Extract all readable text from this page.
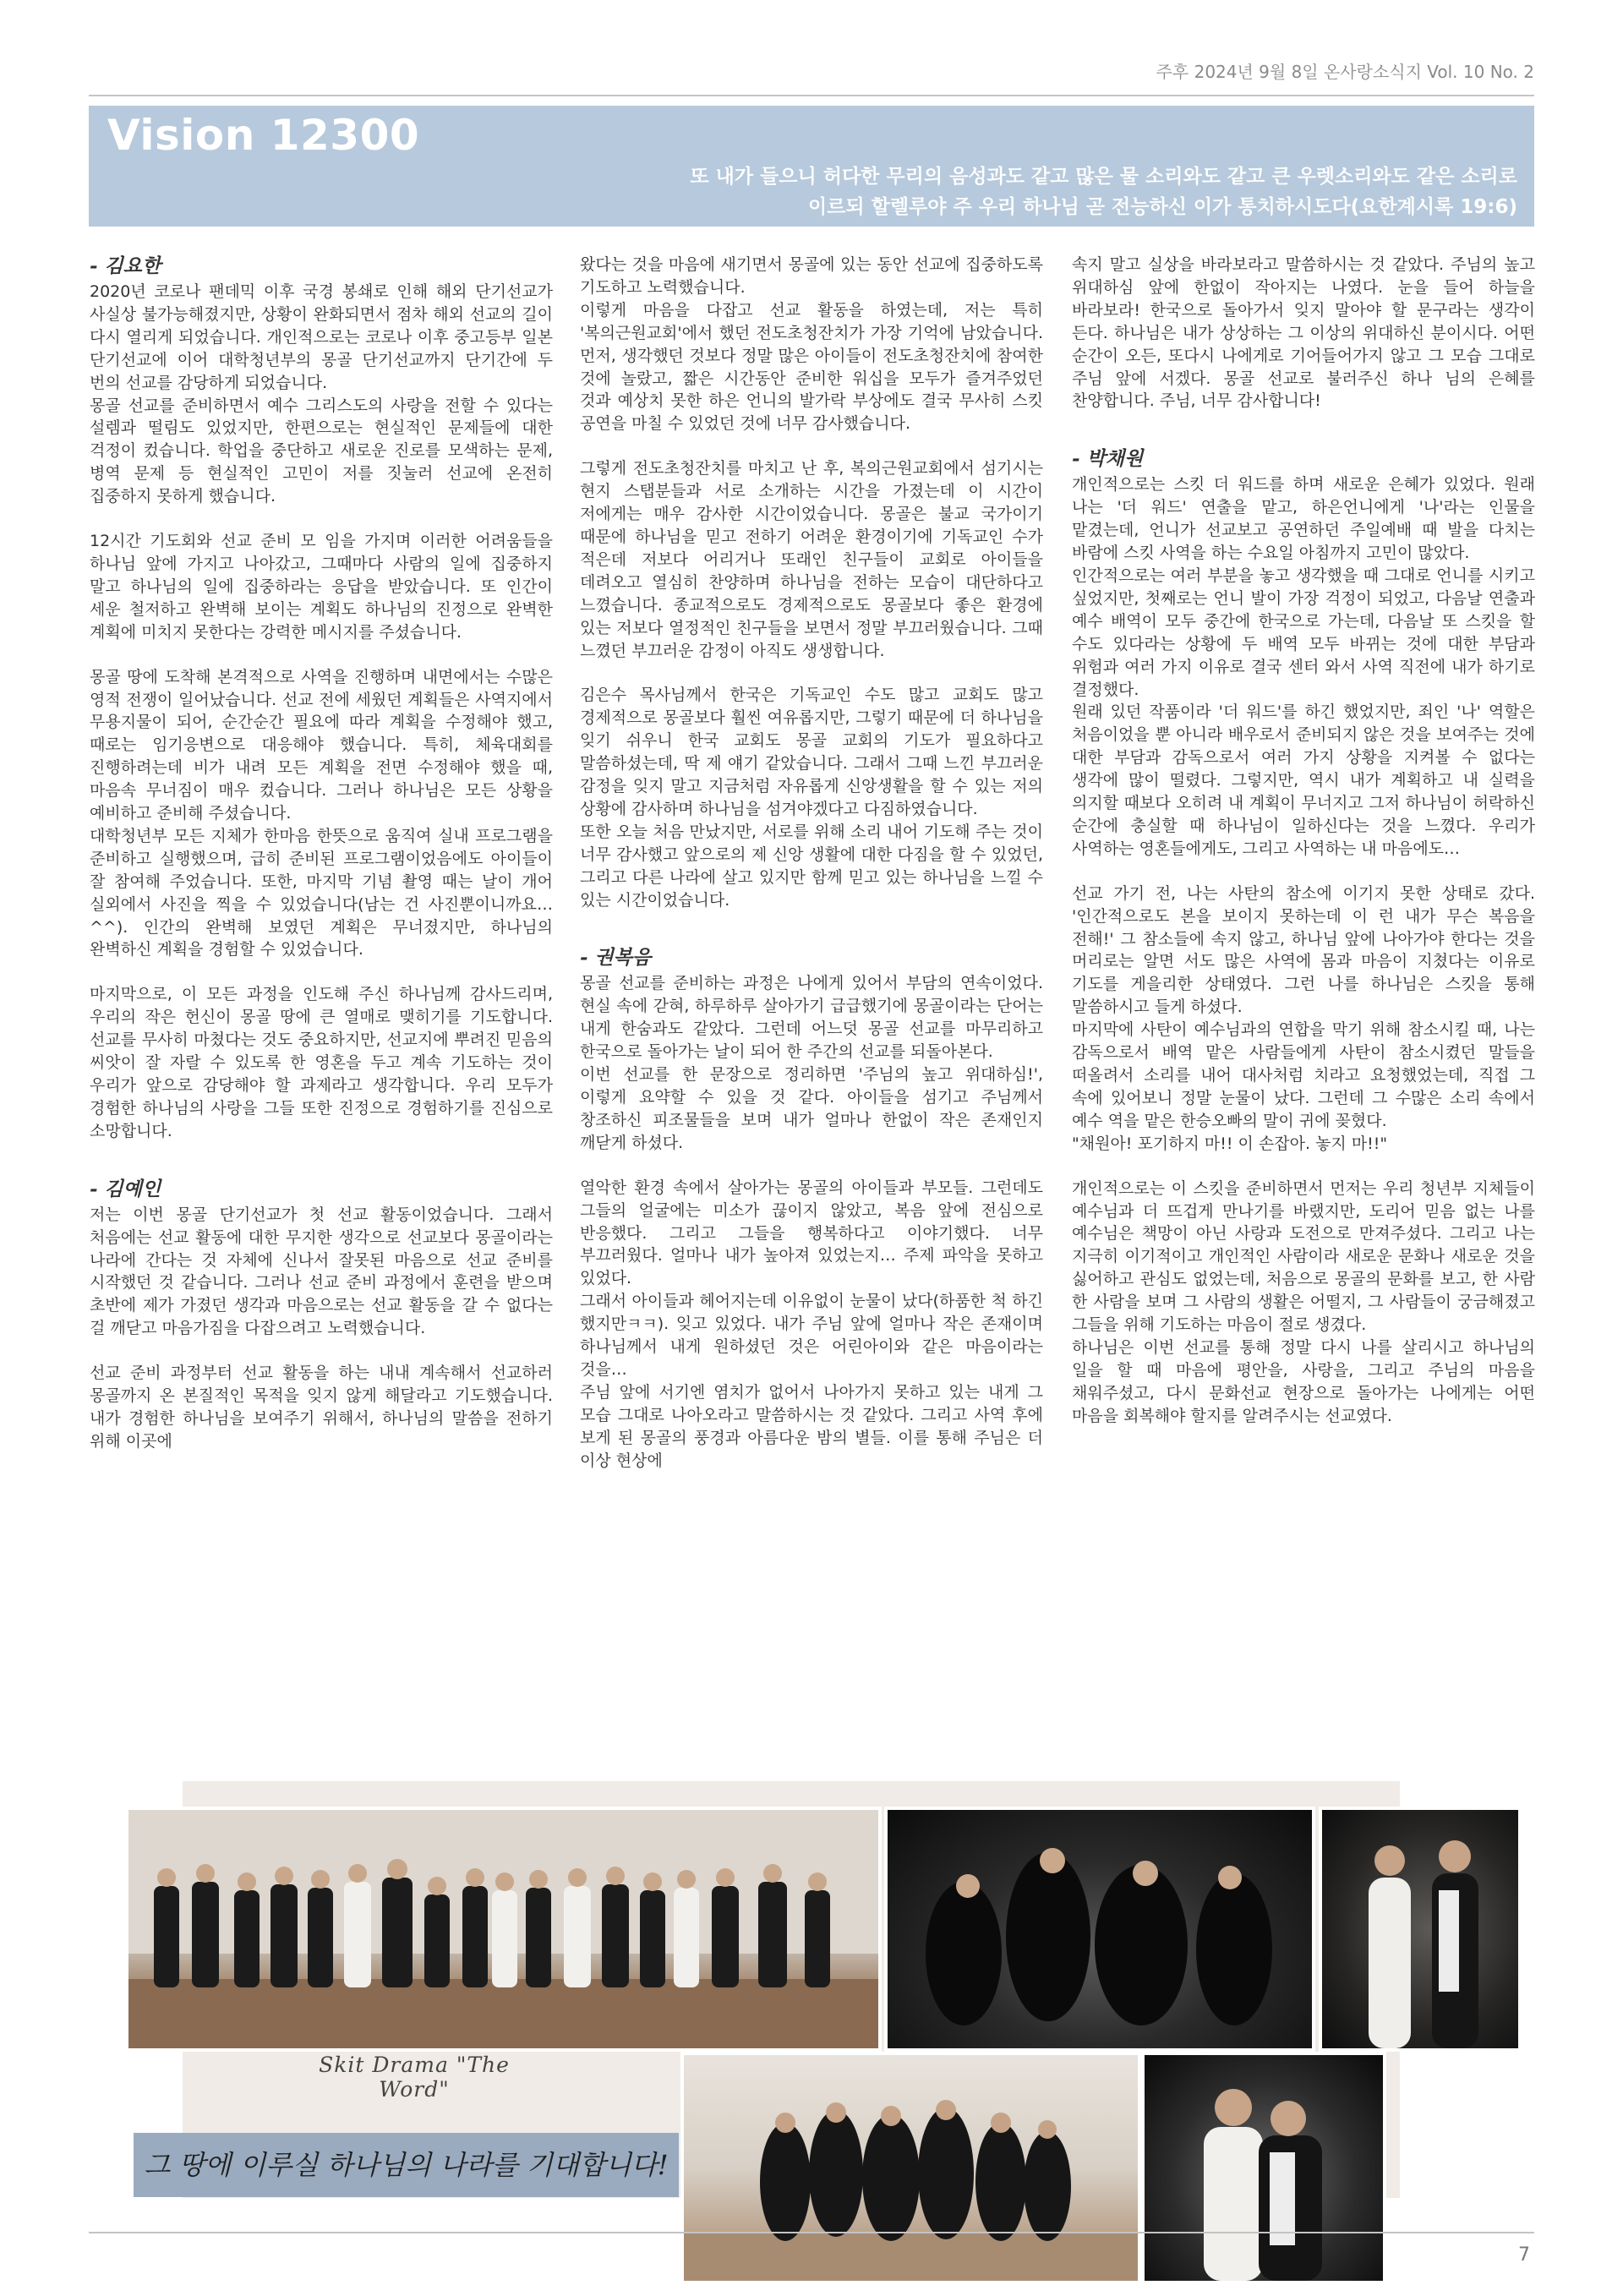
주후 2024년 9월 8일 온사랑소식지 Vol. 10 No. 2
Vision 12300
또 내가 들으니 허다한 무리의 음성과도 같고 많은 물 소리와도 같고 큰 우렛소리와도 같은 소리로
이르되 할렐루야 주 우리 하나님 곧 전능하신 이가 통치하시도다(요한계시록 19:6)
- 김요한

2020년 코로나 팬데믹 이후 국경 봉쇄로 인해 해외 단기선교가 사실상 불가능해졌지만, 상황이 완화되면서 점차 해외 선교의 길이 다시 열리게 되었습니다. 개인적으로는 코로나 이후 중고등부 일본 단기선교에 이어 대학청년부의 몽골 단기선교까지 단기간에 두 번의 선교를 감당하게 되었습니다.

몽골 선교를 준비하면서 예수 그리스도의 사랑을 전할 수 있다는 설렘과 떨림도 있었지만, 한편으로는 현실적인 문제들에 대한 걱정이 컸습니다. 학업을 중단하고 새로운 진로를 모색하는 문제, 병역 문제 등 현실적인 고민이 저를 짓눌러 선교에 온전히 집중하지 못하게 했습니다.

12시간 기도회와 선교 준비 모 임을 가지며 이러한 어려움들을 하나님 앞에 가지고 나아갔고, 그때마다 사람의 일에 집중하지 말고 하나님의 일에 집중하라는 응답을 받았습니다. 또 인간이 세운 철저하고 완벽해 보이는 계획도 하나님의 진정으로 완벽한 계획에 미치지 못한다는 강력한 메시지를 주셨습니다.

몽골 땅에 도착해 본격적으로 사역을 진행하며 내면에서는 수많은 영적 전쟁이 일어났습니다. 선교 전에 세웠던 계획들은 사역지에서 무용지물이 되어, 순간순간 필요에 따라 계획을 수정해야 했고, 때로는 임기응변으로 대응해야 했습니다. 특히, 체육대회를 진행하려는데 비가 내려 모든 계획을 전면 수정해야 했을 때, 마음속 무너짐이 매우 컸습니다. 그러나 하나님은 모든 상황을 예비하고 준비해 주셨습니다.

대학청년부 모든 지체가 한마음 한뜻으로 움직여 실내 프로그램을 준비하고 실행했으며, 급히 준비된 프로그램이었음에도 아이들이 잘 참여해 주었습니다. 또한, 마지막 기념 촬영 때는 날이 개어 실외에서 사진을 찍을 수 있었습니다(남는 건 사진뿐이니까요…^^). 인간의 완벽해 보였던 계획은 무너졌지만, 하나님의 완벽하신 계획을 경험할 수 있었습니다.

마지막으로, 이 모든 과정을 인도해 주신 하나님께 감사드리며, 우리의 작은 헌신이 몽골 땅에 큰 열매로 맺히기를 기도합니다. 선교를 무사히 마쳤다는 것도 중요하지만, 선교지에 뿌려진 믿음의 씨앗이 잘 자랄 수 있도록 한 영혼을 두고 계속 기도하는 것이 우리가 앞으로 감당해야 할 과제라고 생각합니다. 우리 모두가 경험한 하나님의 사랑을 그들 또한 진정으로 경험하기를 진심으로 소망합니다.

- 김예인

저는 이번 몽골 단기선교가 첫 선교 활동이었습니다. 그래서 처음에는 선교 활동에 대한 무지한 생각으로 선교보다 몽골이라는 나라에 간다는 것 자체에 신나서 잘못된 마음으로 선교 준비를 시작했던 것 같습니다. 그러나 선교 준비 과정에서 훈련을 받으며 초반에 제가 가졌던 생각과 마음으로는 선교 활동을 갈 수 없다는 걸 깨닫고 마음가짐을 다잡으려고 노력했습니다.

선교 준비 과정부터 선교 활동을 하는 내내 계속해서 선교하러 몽골까지 온 본질적인 목적을 잊지 않게 해달라고 기도했습니다. 내가 경험한 하나님을 보여주기 위해서, 하나님의 말씀을 전하기 위해 이곳에

왔다는 것을 마음에 새기면서 몽골에 있는 동안 선교에 집중하도록 기도하고 노력했습니다.

이렇게 마음을 다잡고 선교 활동을 하였는데, 저는 특히 '복의근원교회'에서 했던 전도초청잔치가 가장 기억에 남았습니다. 먼저, 생각했던 것보다 정말 많은 아이들이 전도초청잔치에 참여한 것에 놀랐고, 짧은 시간동안 준비한 워십을 모두가 즐겨주었던 것과 예상치 못한 하은 언니의 발가락 부상에도 결국 무사히 스킷 공연을 마칠 수 있었던 것에 너무 감사했습니다.

그렇게 전도초청잔치를 마치고 난 후, 복의근원교회에서 섬기시는 현지 스탭분들과 서로 소개하는 시간을 가졌는데 이 시간이 저에게는 매우 감사한 시간이었습니다. 몽골은 불교 국가이기 때문에 하나님을 믿고 전하기 어려운 환경이기에 기독교인 수가 적은데 저보다 어리거나 또래인 친구들이 교회로 아이들을 데려오고 열심히 찬양하며 하나님을 전하는 모습이 대단하다고 느꼈습니다. 종교적으로도 경제적으로도 몽골보다 좋은 환경에 있는 저보다 열정적인 친구들을 보면서 정말 부끄러웠습니다. 그때 느꼈던 부끄러운 감정이 아직도 생생합니다.

김은수 목사님께서 한국은 기독교인 수도 많고 교회도 많고 경제적으로 몽골보다 훨씬 여유롭지만, 그렇기 때문에 더 하나님을 잊기 쉬우니 한국 교회도 몽골 교회의 기도가 필요하다고 말씀하셨는데, 딱 제 얘기 같았습니다. 그래서 그때 느낀 부끄러운 감정을 잊지 말고 지금처럼 자유롭게 신앙생활을 할 수 있는 저의 상황에 감사하며 하나님을 섬겨야겠다고 다짐하였습니다.

또한 오늘 처음 만났지만, 서로를 위해 소리 내어 기도해 주는 것이 너무 감사했고 앞으로의 제 신앙 생활에 대한 다짐을 할 수 있었던, 그리고 다른 나라에 살고 있지만 함께 믿고 있는 하나님을 느낄 수 있는 시간이었습니다.

- 권복음

몽골 선교를 준비하는 과정은 나에게 있어서 부담의 연속이었다. 현실 속에 갇혀, 하루하루 살아가기 급급했기에 몽골이라는 단어는 내게 한숨과도 같았다. 그런데 어느덧 몽골 선교를 마무리하고 한국으로 돌아가는 날이 되어 한 주간의 선교를 되돌아본다.

이번 선교를 한 문장으로 정리하면 '주님의 높고 위대하심!', 이렇게 요약할 수 있을 것 같다. 아이들을 섬기고 주님께서 창조하신 피조물들을 보며 내가 얼마나 한없이 작은 존재인지 깨닫게 하셨다.

열악한 환경 속에서 살아가는 몽골의 아이들과 부모들. 그런데도 그들의 얼굴에는 미소가 끊이지 않았고, 복음 앞에 전심으로 반응했다. 그리고 그들을 행복하다고 이야기했다. 너무 부끄러웠다. 얼마나 내가 높아져 있었는지… 주제 파악을 못하고 있었다.

그래서 아이들과 헤어지는데 이유없이 눈물이 났다(하품한 척 하긴 했지만ㅋㅋ). 잊고 있었다. 내가 주님 앞에 얼마나 작은 존재이며 하나님께서 내게 원하셨던 것은 어린아이와 같은 마음이라는 것을…

주님 앞에 서기엔 염치가 없어서 나아가지 못하고 있는 내게 그 모습 그대로 나아오라고 말씀하시는 것 같았다. 그리고 사역 후에 보게 된 몽골의 풍경과 아름다운 밤의 별들. 이를 통해 주님은 더 이상 현상에

속지 말고 실상을 바라보라고 말씀하시는 것 같았다. 주님의 높고 위대하심 앞에 한없이 작아지는 나였다. 눈을 들어 하늘을 바라보라! 한국으로 돌아가서 잊지 말아야 할 문구라는 생각이 든다. 하나님은 내가 상상하는 그 이상의 위대하신 분이시다. 어떤 순간이 오든, 또다시 나에게로 기어들어가지 않고 그 모습 그대로 주님 앞에 서겠다. 몽골 선교로 불러주신 하나 님의 은혜를 찬양합니다. 주님, 너무 감사합니다!

- 박채원

개인적으로는 스킷 더 워드를 하며 새로운 은혜가 있었다. 원래 나는 '더 워드' 연출을 맡고, 하은언니에게 '나'라는 인물을 맡겼는데, 언니가 선교보고 공연하던 주일예배 때 발을 다치는 바람에 스킷 사역을 하는 수요일 아침까지 고민이 많았다.

인간적으로는 여러 부분을 놓고 생각했을 때 그대로 언니를 시키고 싶었지만, 첫째로는 언니 발이 가장 걱정이 되었고, 다음날 연출과 예수 배역이 모두 중간에 한국으로 가는데, 다음날 또 스킷을 할 수도 있다라는 상황에 두 배역 모두 바뀌는 것에 대한 부담과 위험과 여러 가지 이유로 결국 센터 와서 사역 직전에 내가 하기로 결정했다.

원래 있던 작품이라 '더 워드'를 하긴 했었지만, 죄인 '나' 역할은 처음이었을 뿐 아니라 배우로서 준비되지 않은 것을 보여주는 것에 대한 부담과 감독으로서 여러 가지 상황을 지켜볼 수 없다는 생각에 많이 떨렸다. 그렇지만, 역시 내가 계획하고 내 실력을 의지할 때보다 오히려 내 계획이 무너지고 그저 하나님이 허락하신 순간에 충실할 때 하나님이 일하신다는 것을 느꼈다. 우리가 사역하는 영혼들에게도, 그리고 사역하는 내 마음에도…

선교 가기 전, 나는 사탄의 참소에 이기지 못한 상태로 갔다. '인간적으로도 본을 보이지 못하는데 이 런 내가 무슨 복음을 전해!' 그 참소들에 속지 않고, 하나님 앞에 나아가야 한다는 것을 머리로는 알면 서도 많은 사역에 몸과 마음이 지쳤다는 이유로 기도를 게을리한 상태였다. 그런 나를 하나님은 스킷을 통해 말씀하시고 들게 하셨다.

마지막에 사탄이 예수님과의 연합을 막기 위해 참소시킬 때, 나는 감독으로서 배역 맡은 사람들에게 사탄이 참소시켰던 말들을 떠올려서 소리를 내어 대사처럼 치라고 요청했었는데, 직접 그 속에 있어보니 정말 눈물이 났다. 그런데 그 수많은 소리 속에서 예수 역을 맡은 한승오빠의 말이 귀에 꽂혔다.

"채원아! 포기하지 마!! 이 손잡아. 놓지 마!!"

개인적으로는 이 스킷을 준비하면서 먼저는 우리 청년부 지체들이 예수님과 더 뜨겁게 만나기를 바랬지만, 도리어 믿음 없는 나를 예수님은 책망이 아닌 사랑과 도전으로 만져주셨다. 그리고 나는 지극히 이기적이고 개인적인 사람이라 새로운 문화나 새로운 것을 싫어하고 관심도 없었는데, 처음으로 몽골의 문화를 보고, 한 사람 한 사람을 보며 그 사람의 생활은 어떨지, 그 사람들이 궁금해졌고 그들을 위해 기도하는 마음이 절로 생겼다.

하나님은 이번 선교를 통해 정말 다시 나를 살리시고 하나님의 일을 할 때 마음에 평안을, 사랑을, 그리고 주님의 마음을 채워주셨고, 다시 문화선교 현장으로 돌아가는 나에게는 어떤 마음을 회복해야 할지를 알려주시는 선교였다.

Skit Drama "The Word"
그 땅에 이루실 하나님의 나라를 기대합니다!
7
